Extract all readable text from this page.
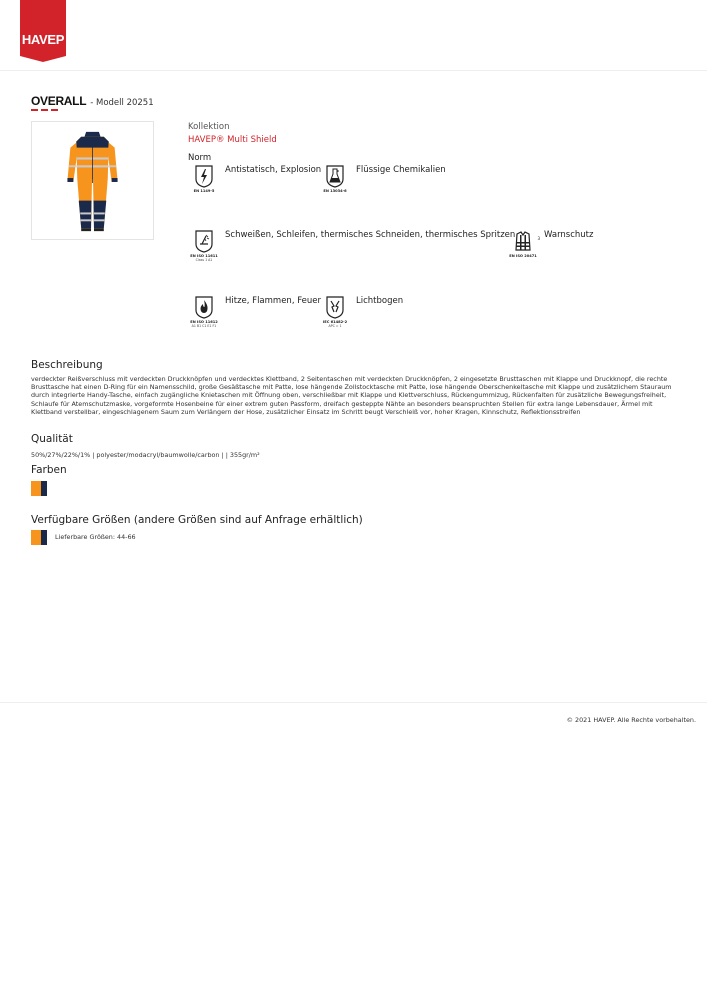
HAVEP
OVERALL - Modell 20251
Kollektion
HAVEP® Multi Shield
Norm
EN 1149-5
Antistatisch, Explosion
EN 13034-6
Flüssige Chemikalien
EN ISO 11611
Class 1 A1
Schweißen, Schleifen, thermisches Schneiden, thermisches Spritzen	3
EN ISO 20471
Warnschutz
EN ISO 11612
A1 B1 C1 E1 F1
Hitze, Flammen, Feuer
IEC 61482-2
APC = 1
Lichtbogen
Beschreibung
verdeckter Reißverschluss mit verdeckten Druckknöpfen und verdecktes Klettband, 2 Seitentaschen mit verdeckten Druckknöpfen, 2 eingesetzte Brusttaschen mit Klappe und Druckknopf, die rechte Brusttasche hat einen D-Ring für ein Namensschild, große Gesäßtasche mit Patte, lose hängende Zollstocktasche mit Patte, lose hängende Oberschenkeltasche mit Klappe und zusätzlichem Stauraum durch integrierte Handy-Tasche, einfach zugängliche Knietaschen mit Öffnung oben, verschließbar mit Klappe und Klettverschluss, Rückengummizug, Rückenfalten für zusätzliche Bewegungsfreiheit, Schlaufe für Atemschutzmaske, vorgeformte Hosenbeine für einer extrem guten Passform, dreifach gesteppte Nähte an besonders beanspruchten Stellen für extra lange Lebensdauer, Ärmel mit Klettband verstellbar, eingeschlagenem Saum zum Verlängern der Hose, zusätzlicher Einsatz im Schritt beugt Verschleiß vor, hoher Kragen, Kinnschutz, Reflektionsstreifen
Qualität
50%/27%/22%/1% | polyester/modacryl/baumwolle/carbon | | 355gr/m²
Farben
Verfügbare Größen (andere Größen sind auf Anfrage erhältlich)
Lieferbare Größen: 44-66
© 2021 HAVEP. Alle Rechte vorbehalten.
